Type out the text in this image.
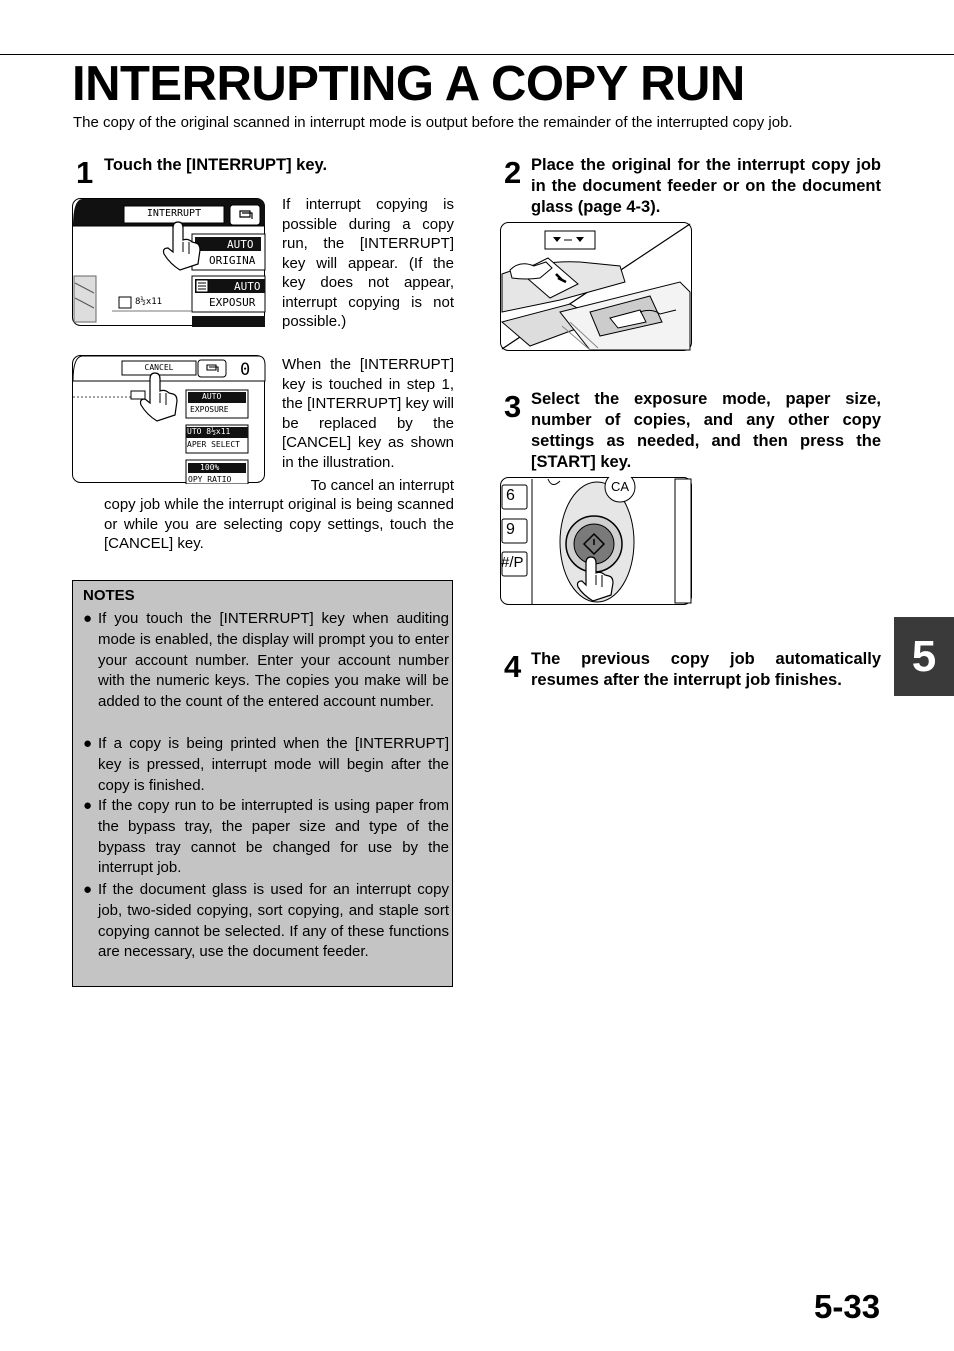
INTERRUPTING A COPY RUN
The copy of the original scanned in interrupt mode is output before the remainder of the interrupted copy job.
1 Touch the [INTERRUPT] key.
INTERRUPT
AUTO
ORIGINA
AUTO
EXPOSUR
8½x11
If interrupt copying is possible during a copy run, the [INTERRUPT] key will appear. (If the key does not appear, interrupt copying is not possible.)
CANCEL	0
AUTO
EXPOSURE
UTO 8½x11
APER SELECT
100%
OPY RATIO
When the [INTERRUPT] key is touched in step 1, the [INTERRUPT] key will be replaced by the [CANCEL] key as shown in the illustration.
To cancel an interrupt
copy job while the interrupt original is being scanned or while you are selecting copy settings, touch the [CANCEL] key.
NOTES
● If you touch the [INTERRUPT] key when auditing mode is enabled, the display will prompt you to enter your account number. Enter your account number with the numeric keys. The copies you make will be added to the count of the entered account number.
● If a copy is being printed when the [INTERRUPT] key is pressed, interrupt mode will begin after the copy is finished.
● If the copy run to be interrupted is using paper from the bypass tray, the paper size and type of the bypass tray cannot be changed for use by the interrupt job.
● If the document glass is used for an interrupt copy job, two-sided copying, sort copying, and staple sort copying cannot be selected. If any of these functions are necessary, use the document feeder.
2 Place the original for the interrupt copy job in the document feeder or on the document glass (page 4-3).
3 Select the exposure mode, paper size, number of copies, and any other copy settings as needed, and then press the [START] key.
6
9
#/P
CA
4 The previous copy job automatically resumes after the interrupt job finishes.	5
5-33
